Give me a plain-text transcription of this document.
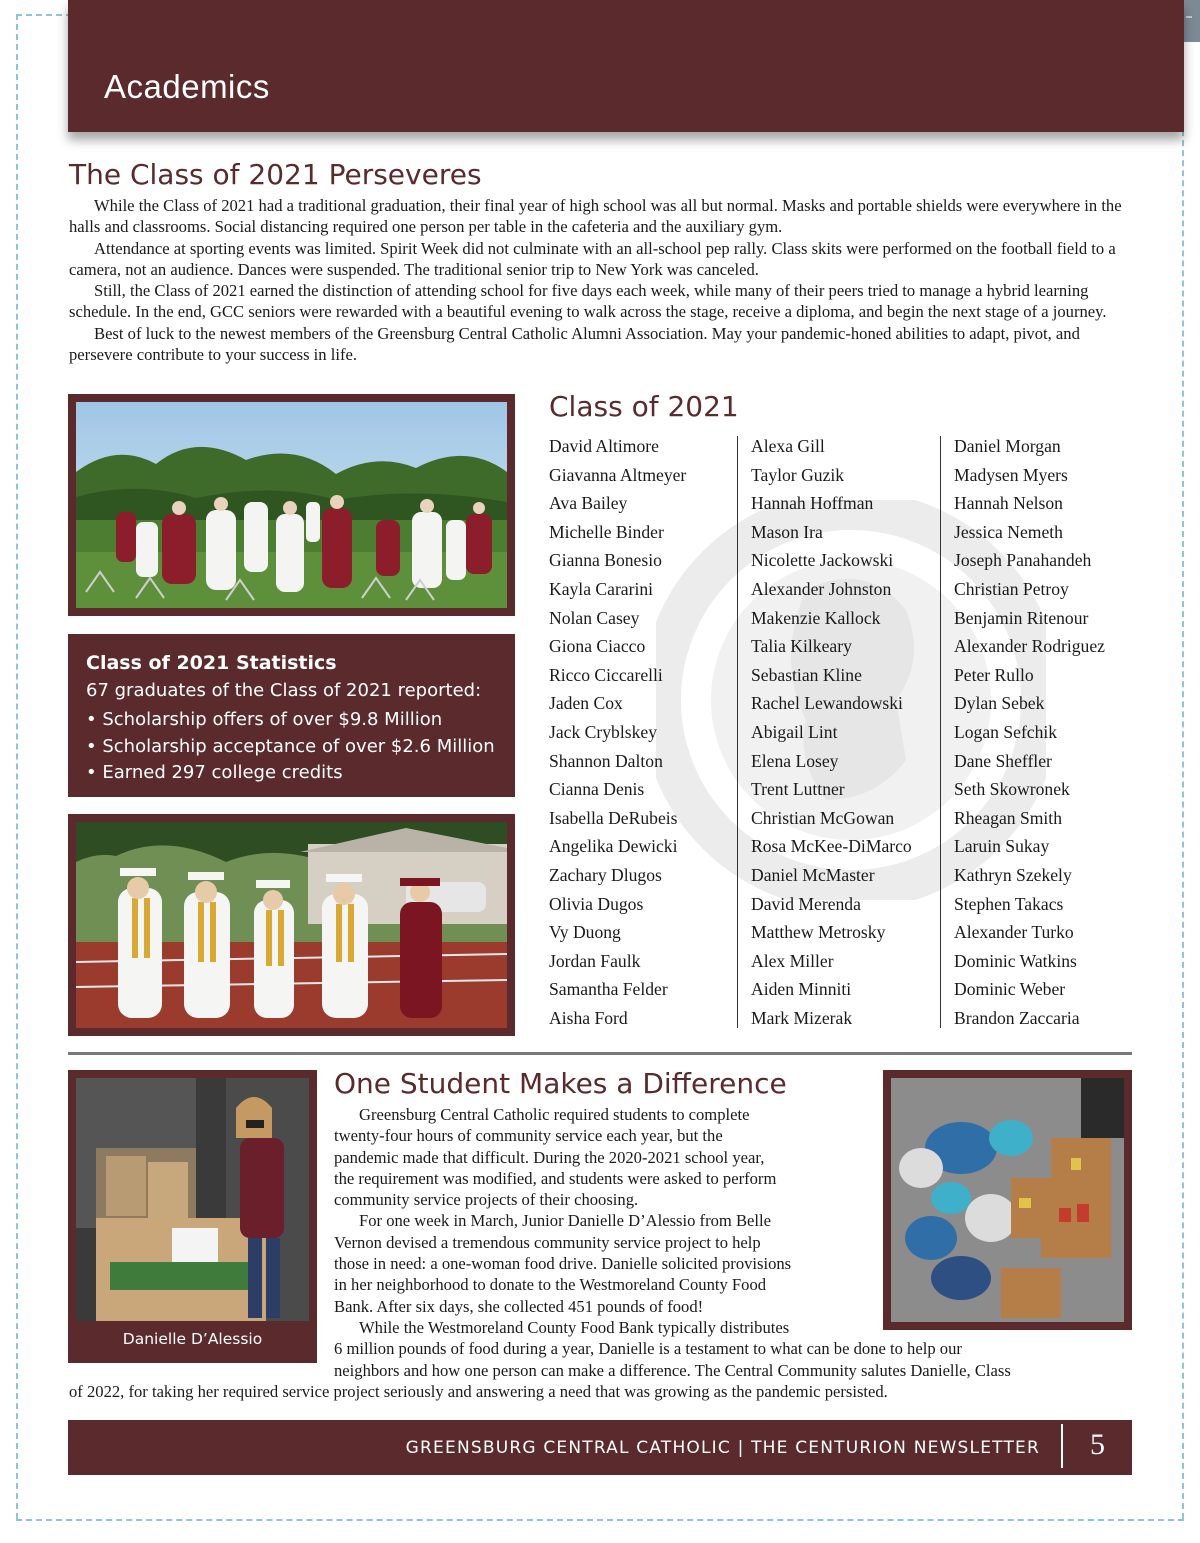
Academics
The Class of 2021 Perseveres

While the Class of 2021 had a traditional graduation, their final year of high school was all but normal. Masks and portable shields were everywhere in the halls and classrooms. Social distancing required one person per table in the cafeteria and the auxiliary gym.

Attendance at sporting events was limited. Spirit Week did not culminate with an all-school pep rally. Class skits were performed on the football field to a camera, not an audience. Dances were suspended. The traditional senior trip to New York was canceled.

Still, the Class of 2021 earned the distinction of attending school for five days each week, while many of their peers tried to manage a hybrid learning schedule. In the end, GCC seniors were rewarded with a beautiful evening to walk across the stage, receive a diploma, and begin the next stage of a journey.

Best of luck to the newest members of the Greensburg Central Catholic Alumni Association. May your pandemic-honed abilities to adapt, pivot, and persevere contribute to your success in life.

Class of 2021 Statistics
67 graduates of the Class of 2021 reported:
• Scholarship offers of over $9.8 Million
• Scholarship acceptance of over $2.6 Million
• Earned 297 college credits
Class of 2021
David Altimore
Giavanna Altmeyer
Ava Bailey
Michelle Binder
Gianna Bonesio
Kayla Cararini
Nolan Casey
Giona Ciacco
Ricco Ciccarelli
Jaden Cox
Jack Cryblskey
Shannon Dalton
Cianna Denis
Isabella DeRubeis
Angelika Dewicki
Zachary Dlugos
Olivia Dugos
Vy Duong
Jordan Faulk
Samantha Felder
Aisha Ford
Alexa Gill
Taylor Guzik
Hannah Hoffman
Mason Ira
Nicolette Jackowski
Alexander Johnston
Makenzie Kallock
Talia Kilkeary
Sebastian Kline
Rachel Lewandowski
Abigail Lint
Elena Losey
Trent Luttner
Christian McGowan
Rosa McKee-DiMarco
Daniel McMaster
David Merenda
Matthew Metrosky
Alex Miller
Aiden Minniti
Mark Mizerak
Daniel Morgan
Madysen Myers
Hannah Nelson
Jessica Nemeth
Joseph Panahandeh
Christian Petroy
Benjamin Ritenour
Alexander Rodriguez
Peter Rullo
Dylan Sebek
Logan Sefchik
Dane Sheffler
Seth Skowronek
Rheagan Smith
Laruin Sukay
Kathryn Szekely
Stephen Takacs
Alexander Turko
Dominic Watkins
Dominic Weber
Brandon Zaccaria
Danielle D’Alessio
One Student Makes a Difference
Greensburg Central Catholic required students to complete
twenty-four hours of community service each year, but the
pandemic made that difficult. During the 2020-2021 school year,
the requirement was modified, and students were asked to perform
community service projects of their choosing.
For one week in March, Junior Danielle D’Alessio from Belle
Vernon devised a tremendous community service project to help
those in need: a one-woman food drive. Danielle solicited provisions
in her neighborhood to donate to the Westmoreland County Food
Bank. After six days, she collected 451 pounds of food!
While the Westmoreland County Food Bank typically distributes
6 million pounds of food during a year, Danielle is a testament to what can be done to help our
neighbors and how one person can make a difference. The Central Community salutes Danielle, Class
of 2022, for taking her required service project seriously and answering a need that was growing as the pandemic persisted.
GREENSBURG CENTRAL CATHOLIC | THE CENTURION NEWSLETTER 5
